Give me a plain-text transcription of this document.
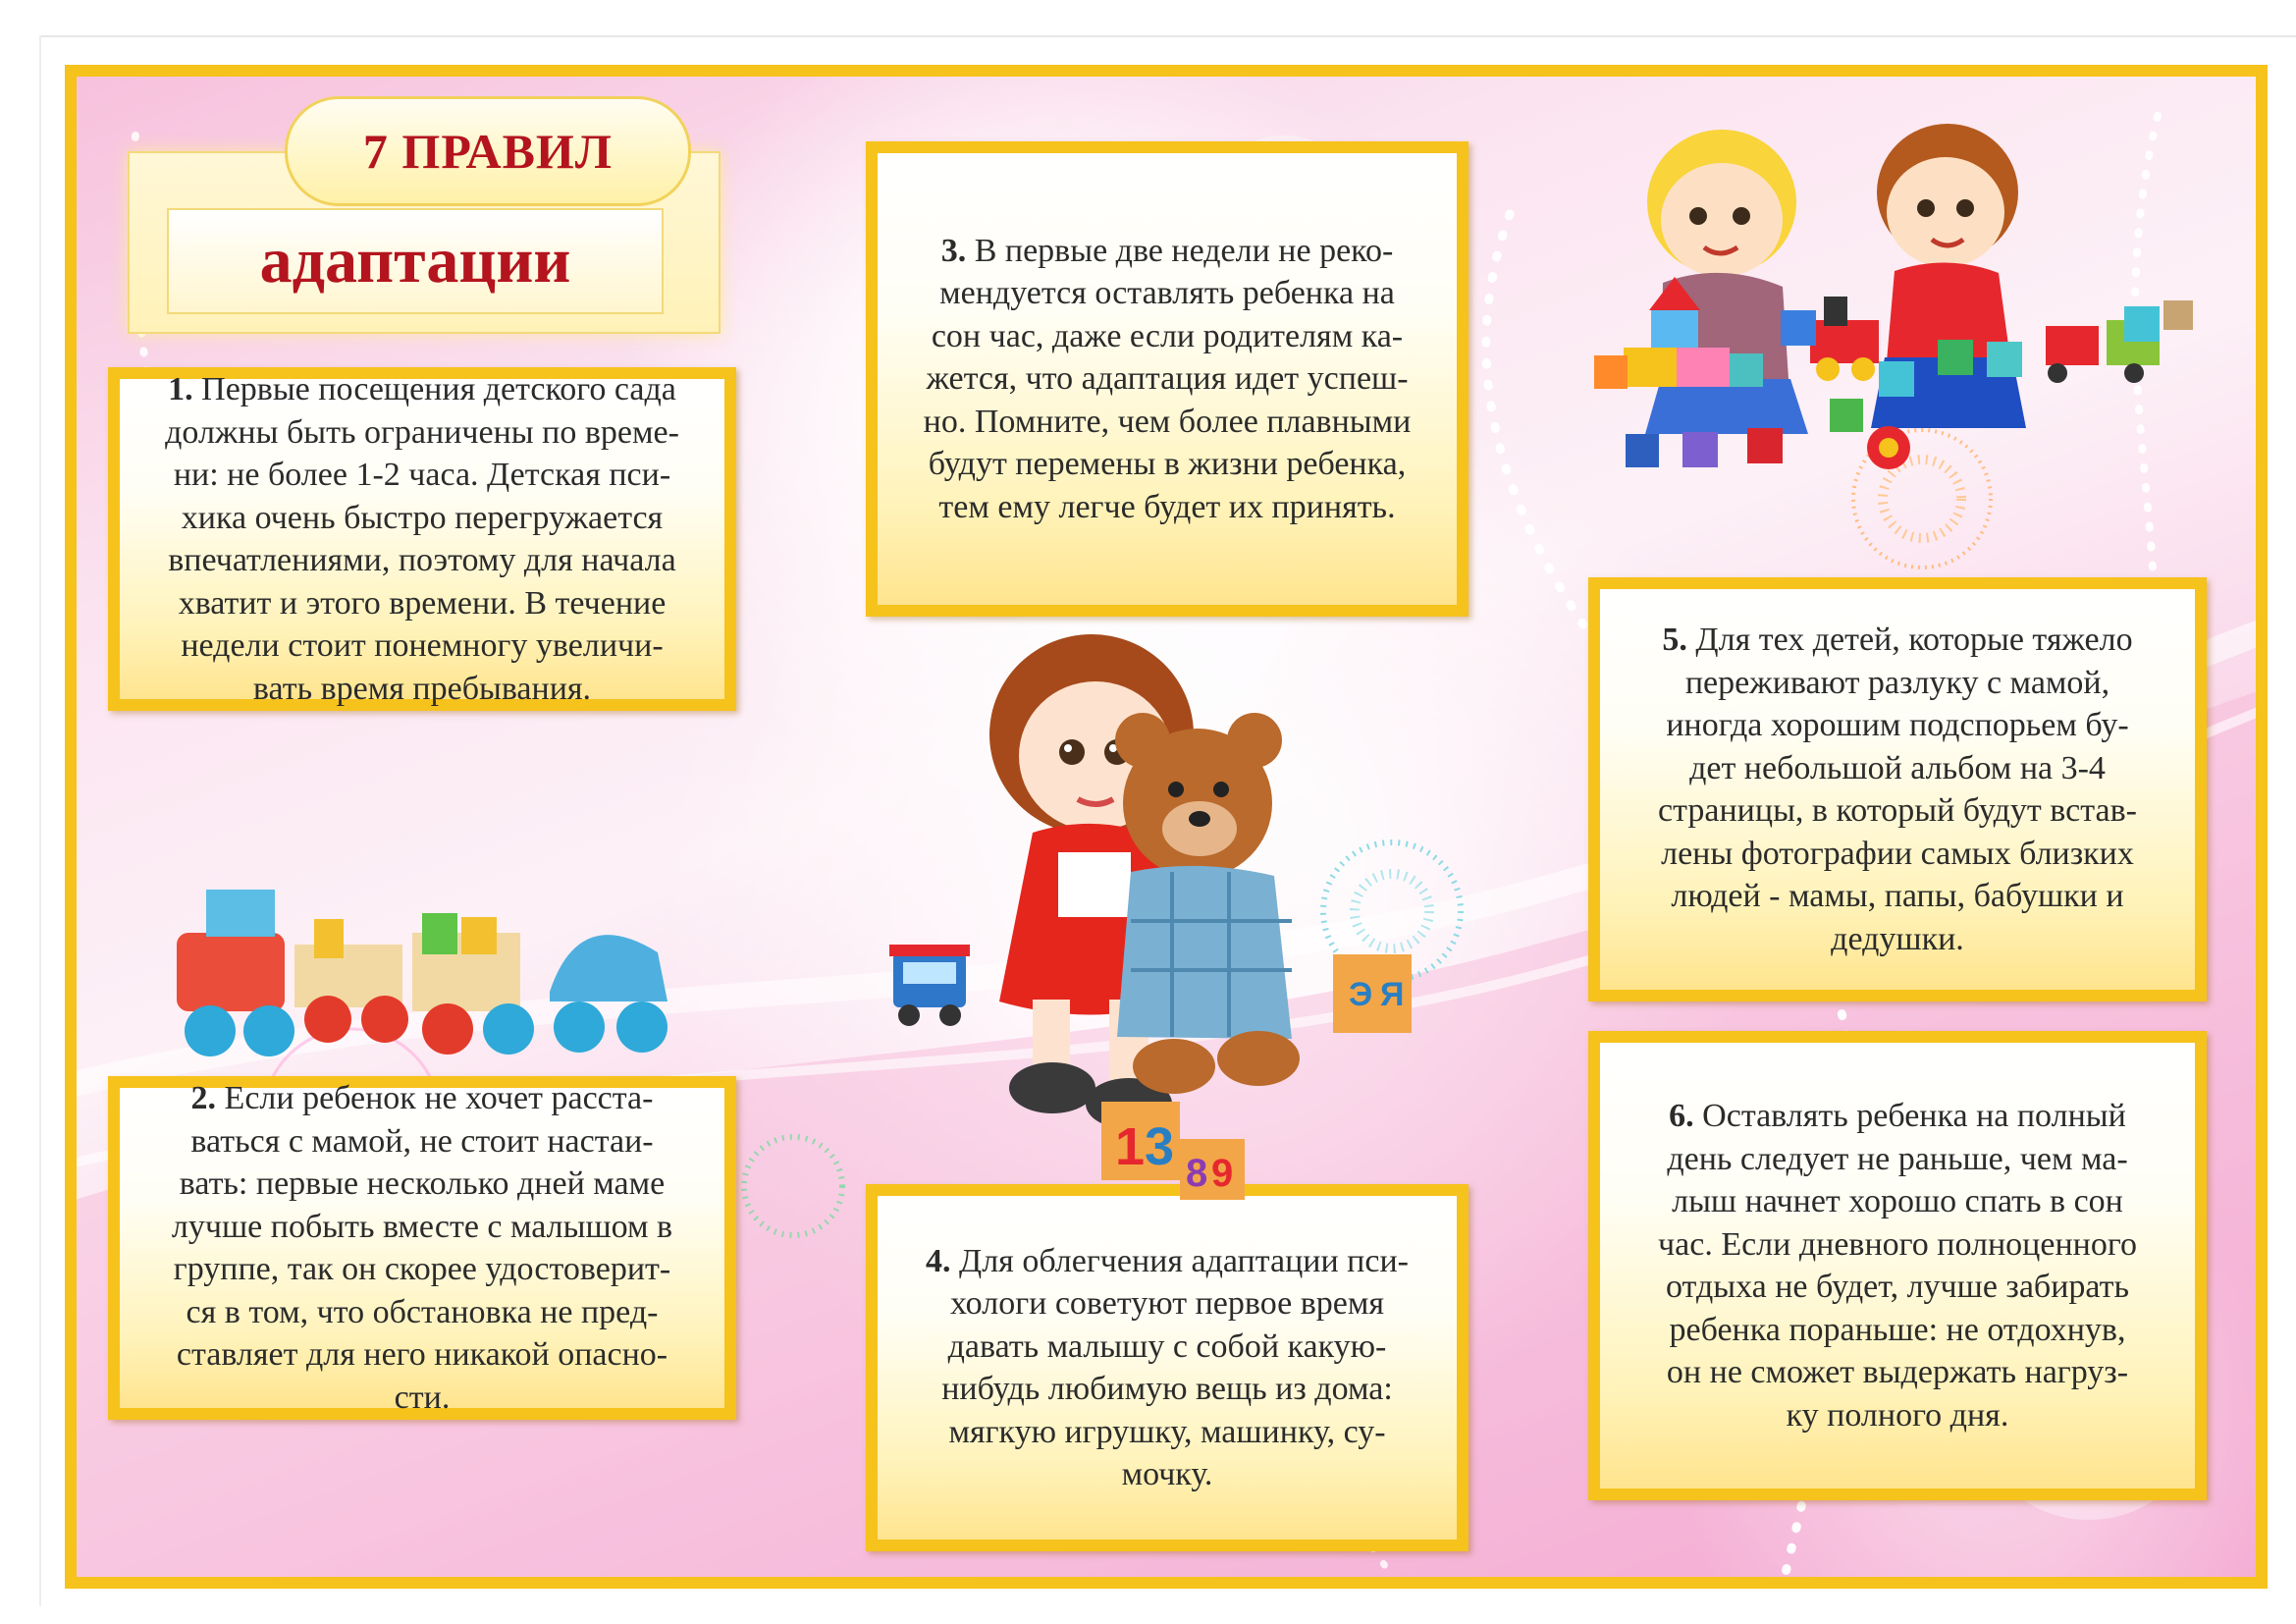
адаптации
7 ПРАВИЛ

1. Первые посещения детского сада
должны быть ограничены по време-
ни: не более 1-2 часа. Детская пси-
хика очень быстро перегружается
впечатлениями, поэтому для начала
хватит и этого времени. В течение
недели стоит понемногу увеличи-
вать время пребывания.

2. Если ребенок не хочет расста-
ваться с мамой, не стоит настаи-
вать: первые несколько дней маме
лучше побыть вместе с малышом в
группе, так он скорее удостоверит-
ся в том, что обстановка не пред-
ставляет для него никакой опасно-
сти.

3. В первые две недели не реко-
мендуется оставлять ребенка на
сон час, даже если родителям ка-
жется, что адаптация идет успеш-
но. Помните, чем более плавными
будут перемены в жизни ребенка,
тем ему легче будет их принять.

4. Для облегчения адаптации пси-
хологи советуют первое время
давать малышу с собой какую-
нибудь любимую вещь из дома:
мягкую игрушку, машинку, су-
мочку.

5. Для тех детей, которые тяжело
переживают разлуку с мамой,
иногда хорошим подспорьем бу-
дет небольшой альбом на 3-4
страницы, в который будут встав-
лены фотографии самых близких
людей - мамы, папы, бабушки и
дедушки.

6. Оставлять ребенка на полный
день следует не раньше, чем ма-
лыш начнет хорошо спать в сон
час. Если дневного полноценного
отдыха не будет, лучше забирать
ребенка пораньше: не отдохнув,
он не сможет выдержать нагруз-
ку полного дня.

Э Я
1 3 8 9
